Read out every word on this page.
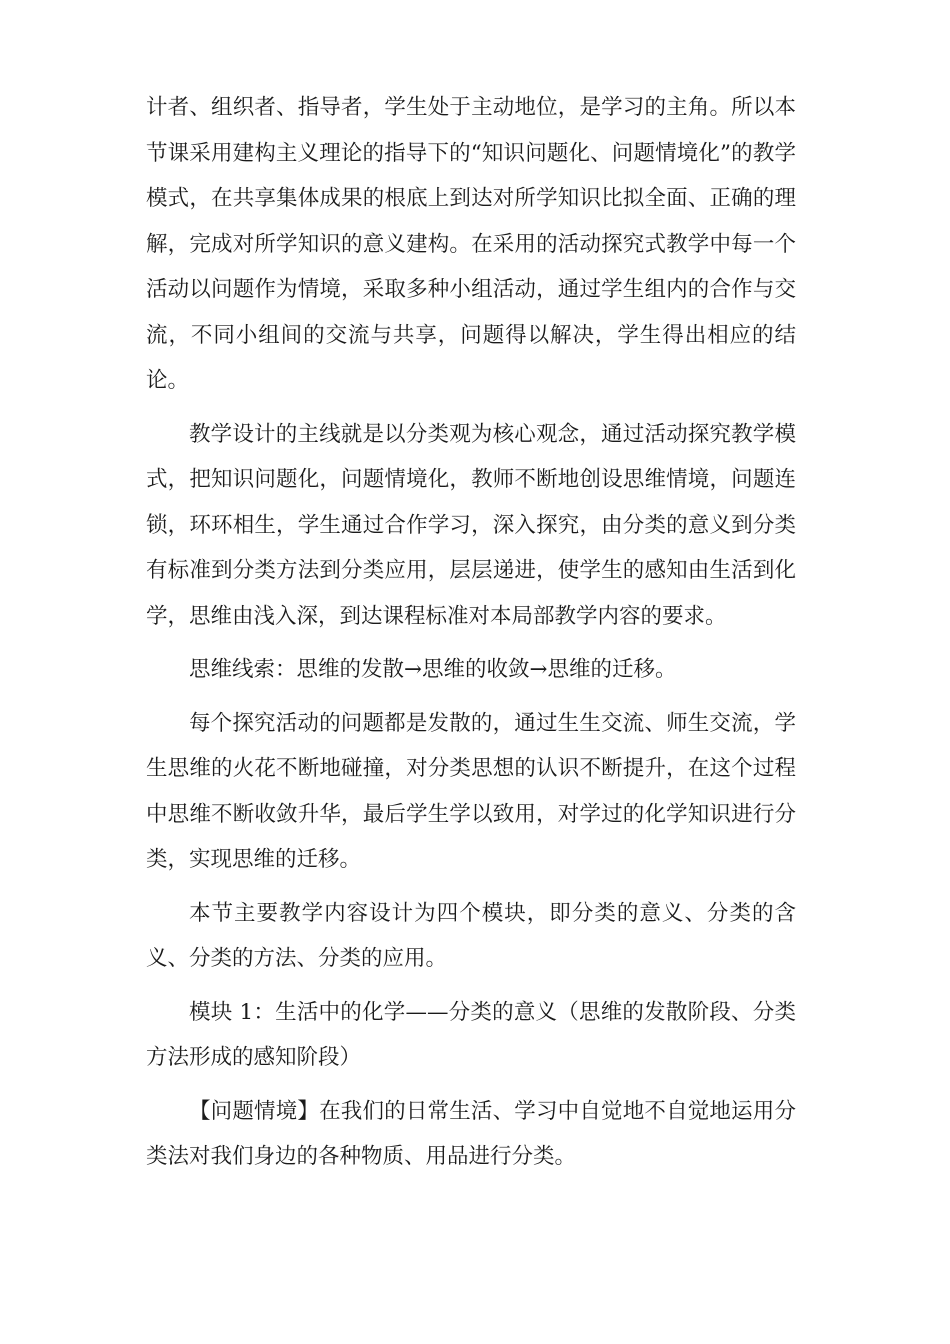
计者、组织者、指导者，学生处于主动地位，是学习的主角。所以本节课采用建构主义理论的指导下的“知识问题化、问题情境化”的教学模式，在共享集体成果的根底上到达对所学知识比拟全面、正确的理解，完成对所学知识的意义建构。在采用的活动探究式教学中每一个活动以问题作为情境，采取多种小组活动，通过学生组内的合作与交流，不同小组间的交流与共享，问题得以解决，学生得出相应的结论。

教学设计的主线就是以分类观为核心观念，通过活动探究教学模式，把知识问题化，问题情境化，教师不断地创设思维情境，问题连锁，环环相生，学生通过合作学习，深入探究，由分类的意义到分类有标准到分类方法到分类应用，层层递进，使学生的感知由生活到化学，思维由浅入深，到达课程标准对本局部教学内容的要求。

思维线索：思维的发散→思维的收敛→思维的迁移。

每个探究活动的问题都是发散的，通过生生交流、师生交流，学生思维的火花不断地碰撞，对分类思想的认识不断提升，在这个过程中思维不断收敛升华，最后学生学以致用，对学过的化学知识进行分类，实现思维的迁移。

本节主要教学内容设计为四个模块，即分类的意义、分类的含义、分类的方法、分类的应用。

模块 1：生活中的化学——分类的意义（思维的发散阶段、分类方法形成的感知阶段）

【问题情境】在我们的日常生活、学习中自觉地不自觉地运用分类法对我们身边的各种物质、用品进行分类。
